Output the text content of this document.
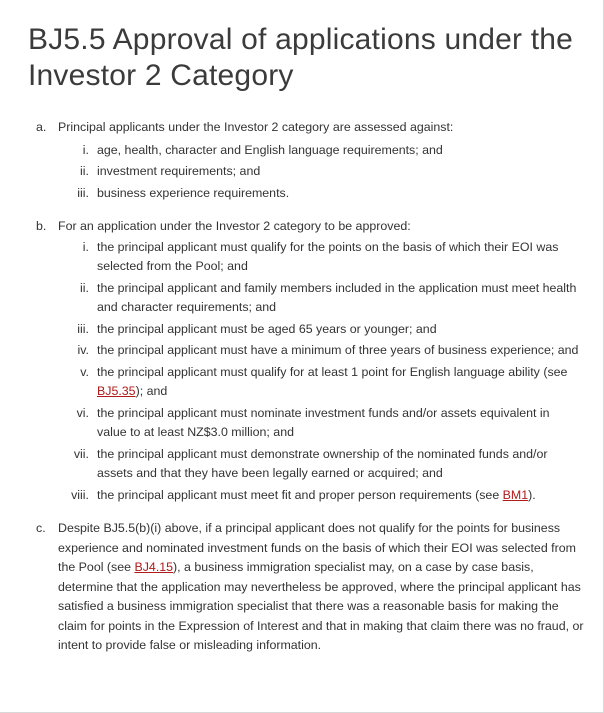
BJ5.5 Approval of applications under the Investor 2 Category
a. Principal applicants under the Investor 2 category are assessed against:
i. age, health, character and English language requirements; and
ii. investment requirements; and
iii. business experience requirements.
b. For an application under the Investor 2 category to be approved:
i. the principal applicant must qualify for the points on the basis of which their EOI was selected from the Pool; and
ii. the principal applicant and family members included in the application must meet health and character requirements; and
iii. the principal applicant must be aged 65 years or younger; and
iv. the principal applicant must have a minimum of three years of business experience; and
v. the principal applicant must qualify for at least 1 point for English language ability (see BJ5.35); and
vi. the principal applicant must nominate investment funds and/or assets equivalent in value to at least NZ$3.0 million; and
vii. the principal applicant must demonstrate ownership of the nominated funds and/or assets and that they have been legally earned or acquired; and
viii. the principal applicant must meet fit and proper person requirements (see BM1).
c. Despite BJ5.5(b)(i) above, if a principal applicant does not qualify for the points for business experience and nominated investment funds on the basis of which their EOI was selected from the Pool (see BJ4.15), a business immigration specialist may, on a case by case basis, determine that the application may nevertheless be approved, where the principal applicant has satisfied a business immigration specialist that there was a reasonable basis for making the claim for points in the Expression of Interest and that in making that claim there was no fraud, or intent to provide false or misleading information.
